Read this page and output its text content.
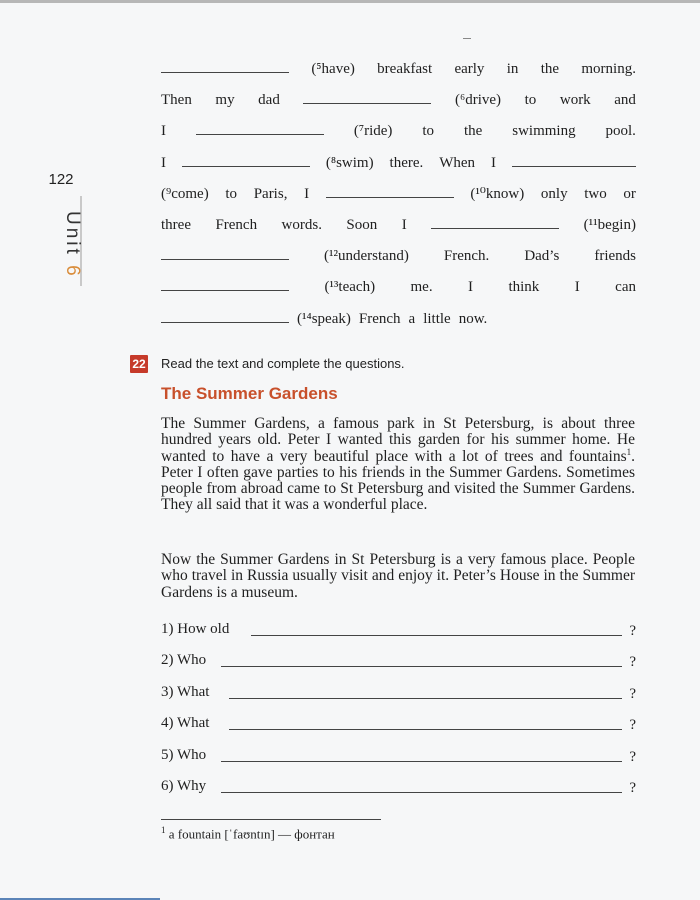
122
Unit 6
(⁵have) breakfast early in the morning.
Then my dad	(⁶drive) to work and
I	(⁷ride) to the swimming pool.
I	(⁸swim) there. When I
(⁹come) to Paris, I	(¹⁰know) only two or
three French words. Soon I	(¹¹begin)
(¹²understand) French. Dad’s friends
(¹³teach) me. I think I can
(¹⁴speak) French a little now.
22 Read the text and complete the questions.
The Summer Gardens

The Summer Gardens, a famous park in St Petersburg, is about three hundred years old. Peter I wanted this garden for his summer home. He wanted to have a very beautiful place with a lot of trees and fountains$^1$. Peter I often gave parties to his friends in the Summer Gardens. Sometimes people from abroad came to St Petersburg and visited the Summer Gardens. They all said that it was a wonderful place.

Now the Summer Gardens in St Petersburg is a very famous place. People who travel in Russia usually visit and enjoy it. Peter’s House in the Summer Gardens is a museum.

1) How old	?
2) Who	?
3) What	?
4) What	?
5) Who	?
6) Why	?
$^1$ a fountain [ˈfaʊntɪn] — фонтан
